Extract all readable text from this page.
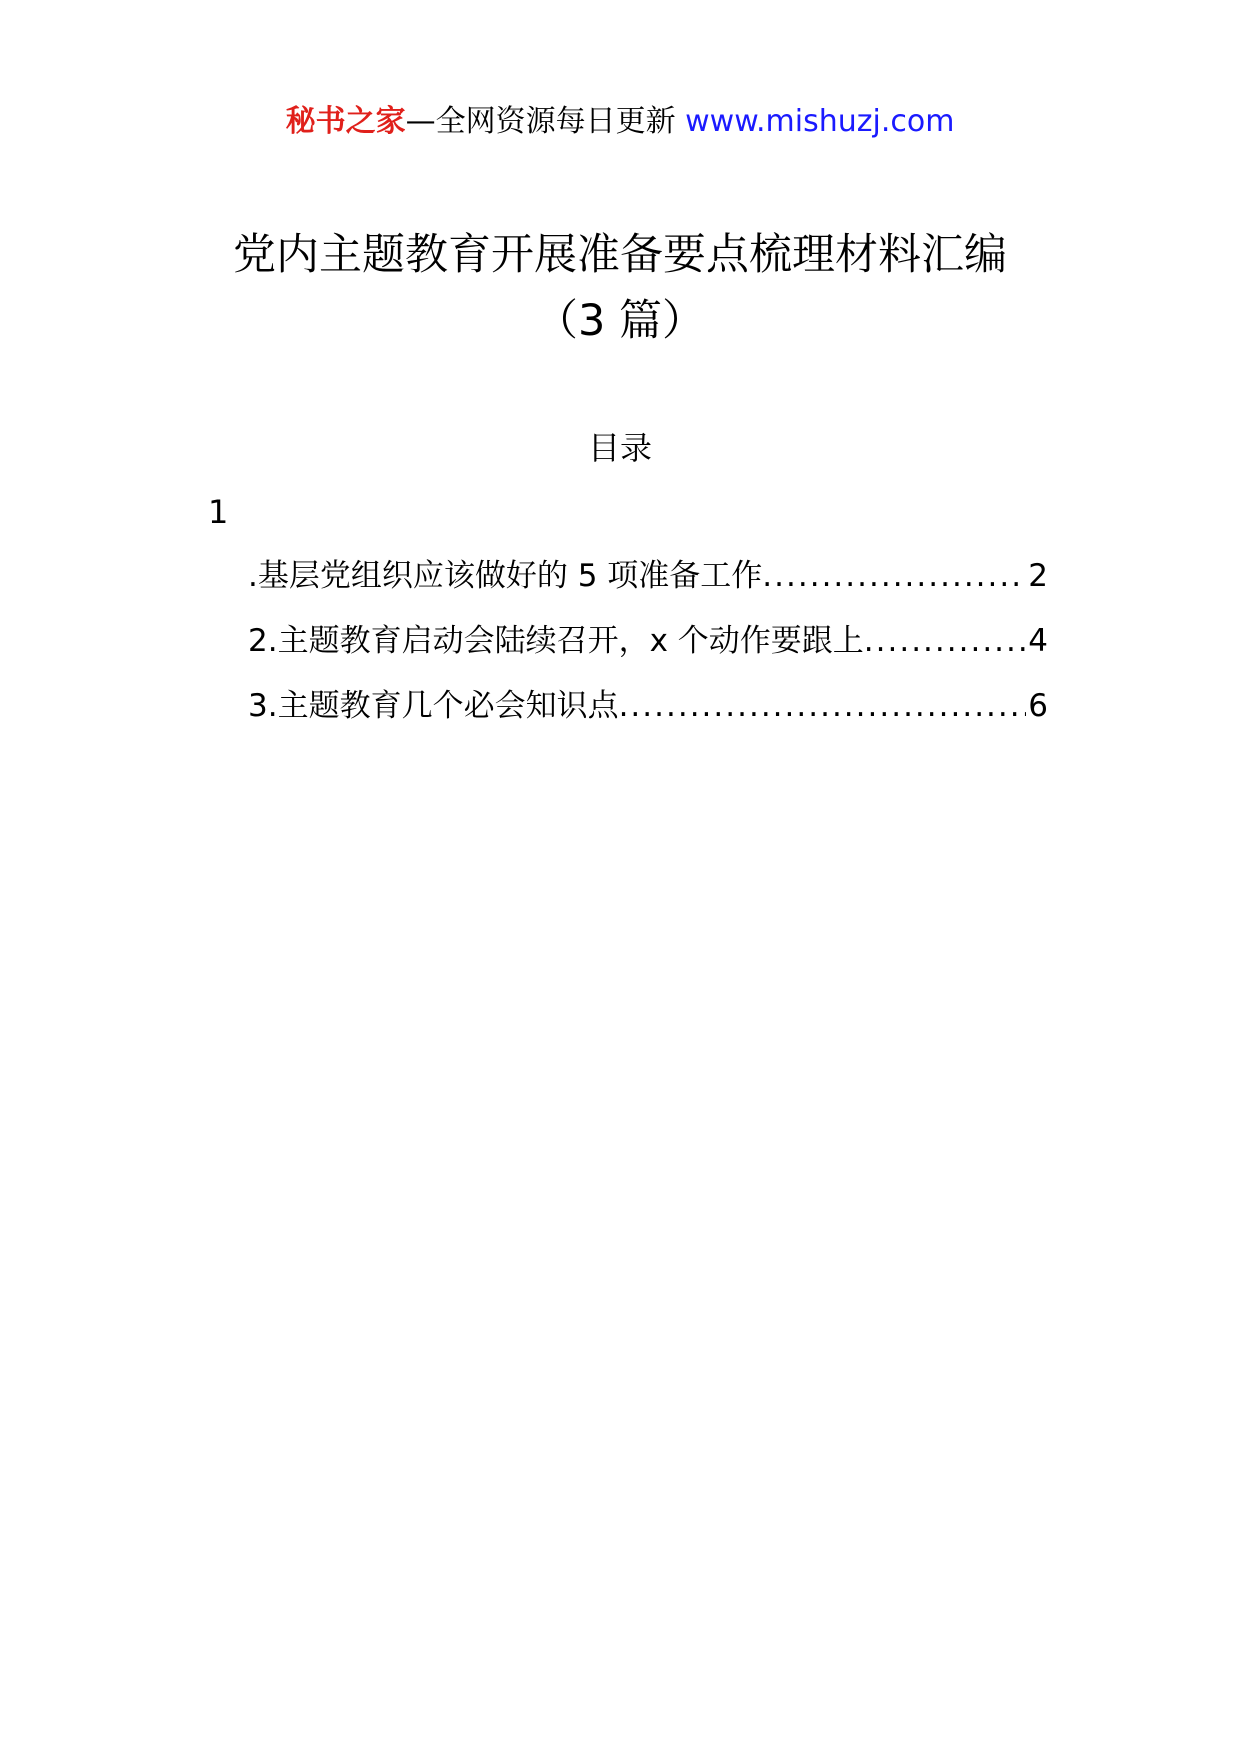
秘书之家—全网资源每日更新 www.mishuzj.com
党内主题教育开展准备要点梳理材料汇编
（3 篇）
目录
1
.基层党组织应该做好的 5 项准备工作 .....	2
2.主题教育启动会陆续召开，x 个动作要跟上 .....	4
3.主题教育几个必会知识点 .....	6
